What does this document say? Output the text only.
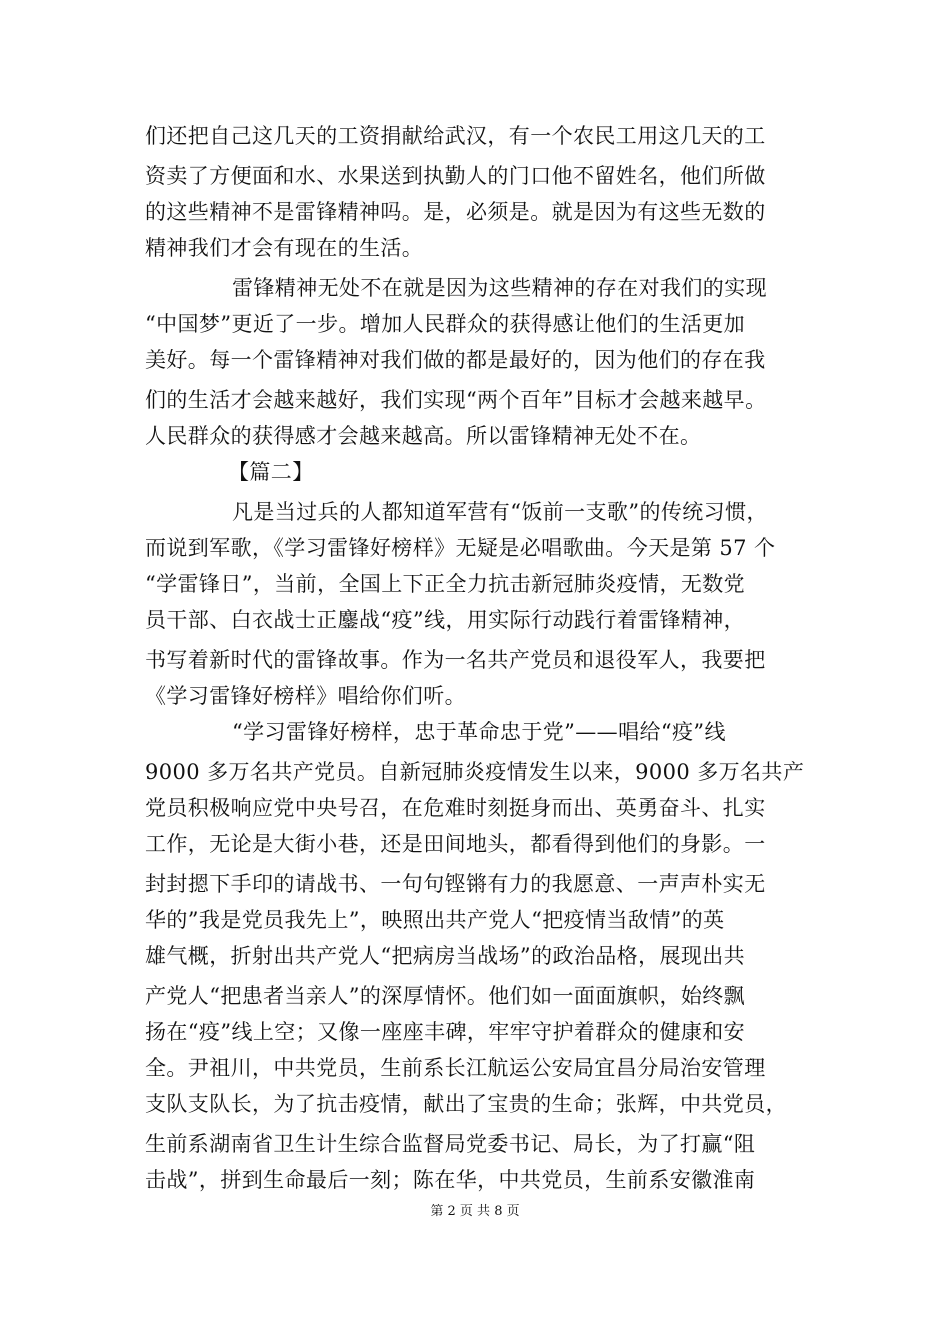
们还把自己这几天的工资捐献给武汉，有一个农民工用这几天的工
资卖了方便面和水、水果送到执勤人的门口他不留姓名，他们所做
的这些精神不是雷锋精神吗。是，必须是。就是因为有这些无数的
精神我们才会有现在的生活。
雷锋精神无处不在就是因为这些精神的存在对我们的实现
“中国梦”更近了一步。增加人民群众的获得感让他们的生活更加
美好。每一个雷锋精神对我们做的都是最好的，因为他们的存在我
们的生活才会越来越好，我们实现“两个百年”目标才会越来越早。
人民群众的获得感才会越来越高。所以雷锋精神无处不在。
【篇二】
凡是当过兵的人都知道军营有“饭前一支歌”的传统习惯，
而说到军歌，《学习雷锋好榜样》无疑是必唱歌曲。今天是第 57 个
“学雷锋日”，当前，全国上下正全力抗击新冠肺炎疫情，无数党
员干部、白衣战士正鏖战“疫”线，用实际行动践行着雷锋精神，
书写着新时代的雷锋故事。作为一名共产党员和退役军人，我要把
《学习雷锋好榜样》唱给你们听。
“学习雷锋好榜样，忠于革命忠于党”——唱给“疫”线
9000 多万名共产党员。自新冠肺炎疫情发生以来，9000 多万名共产
党员积极响应党中央号召，在危难时刻挺身而出、英勇奋斗、扎实
工作，无论是大街小巷，还是田间地头，都看得到他们的身影。一
封封摁下手印的请战书、一句句铿锵有力的我愿意、一声声朴实无
华的”我是党员我先上”，映照出共产党人“把疫情当敌情”的英
雄气概，折射出共产党人“把病房当战场”的政治品格，展现出共
产党人“把患者当亲人”的深厚情怀。他们如一面面旗帜，始终飘
扬在“疫”线上空；又像一座座丰碑，牢牢守护着群众的健康和安
全。尹祖川，中共党员，生前系长江航运公安局宜昌分局治安管理
支队支队长，为了抗击疫情，献出了宝贵的生命；张辉，中共党员，
生前系湖南省卫生计生综合监督局党委书记、局长，为了打赢“阻
击战”，拼到生命最后一刻；陈在华，中共党员，生前系安徽淮南
第 2 页 共 8 页
